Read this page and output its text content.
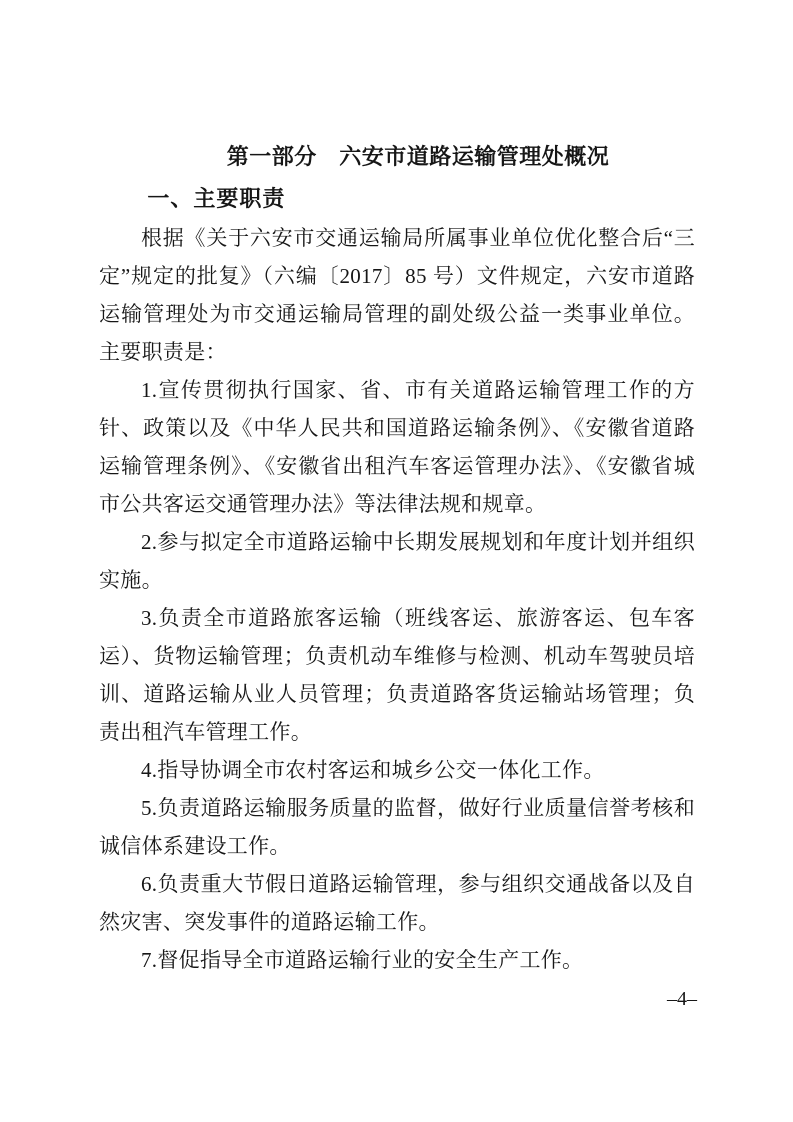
第一部分　六安市道路运输管理处概况
一、主要职责

根据《关于六安市交通运输局所属事业单位优化整合后“三定”规定的批复》（六编〔2017〕85 号）文件规定，六安市道路运输管理处为市交通运输局管理的副处级公益一类事业单位。主要职责是：

1.宣传贯彻执行国家、省、市有关道路运输管理工作的方针、政策以及《中华人民共和国道路运输条例》、《安徽省道路运输管理条例》、《安徽省出租汽车客运管理办法》、《安徽省城市公共客运交通管理办法》等法律法规和规章。

2.参与拟定全市道路运输中长期发展规划和年度计划并组织实施。

3.负责全市道路旅客运输（班线客运、旅游客运、包车客运）、货物运输管理；负责机动车维修与检测、机动车驾驶员培训、道路运输从业人员管理；负责道路客货运输站场管理；负责出租汽车管理工作。

4.指导协调全市农村客运和城乡公交一体化工作。

5.负责道路运输服务质量的监督，做好行业质量信誉考核和诚信体系建设工作。

6.负责重大节假日道路运输管理，参与组织交通战备以及自然灾害、突发事件的道路运输工作。

7.督促指导全市道路运输行业的安全生产工作。

–4–
